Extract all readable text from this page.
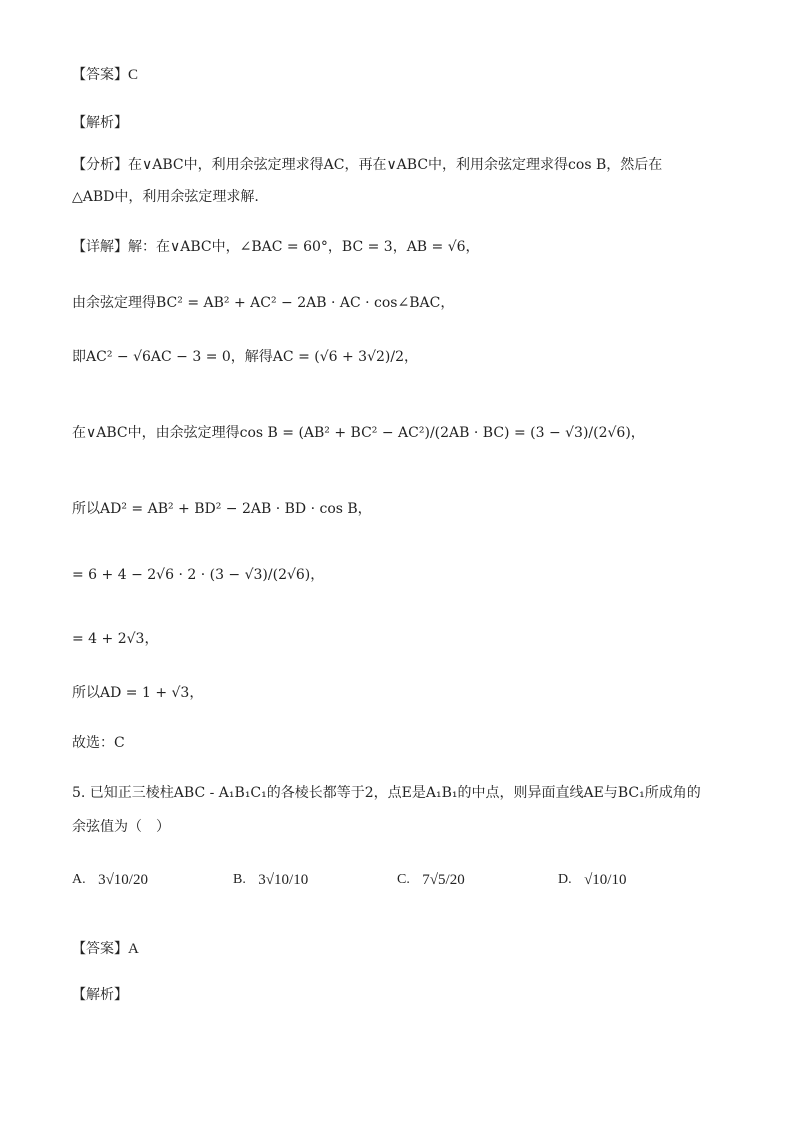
【答案】C
【解析】
【分析】在∨ABC中，利用余弦定理求得AC，再在∨ABC中，利用余弦定理求得cos B，然后在
△ABD中，利用余弦定理求解.
【详解】解：在∨ABC中，∠BAC = 60°，BC = 3，AB = √6，
由余弦定理得BC² = AB² + AC² − 2AB · AC · cos∠BAC，
即AC² − √6AC − 3 = 0，解得AC = (√6 + 3√2)/2，
在∨ABC中，由余弦定理得cos B = (AB² + BC² − AC²)/(2AB · BC) = (3 − √3)/(2√6)，
所以AD² = AB² + BD² − 2AB · BD · cos B，
= 6 + 4 − 2√6 · 2 · (3 − √3)/(2√6)，
= 4 + 2√3，
所以AD = 1 + √3，
故选：C
5. 已知正三棱柱ABC - A₁B₁C₁的各棱长都等于2，点E是A₁B₁的中点，则异面直线AE与BC₁所成角的
余弦值为（　）
A. 3√10/20	B. 3√10/10	C. 7√5/20	D. √10/10
【答案】A
【解析】
